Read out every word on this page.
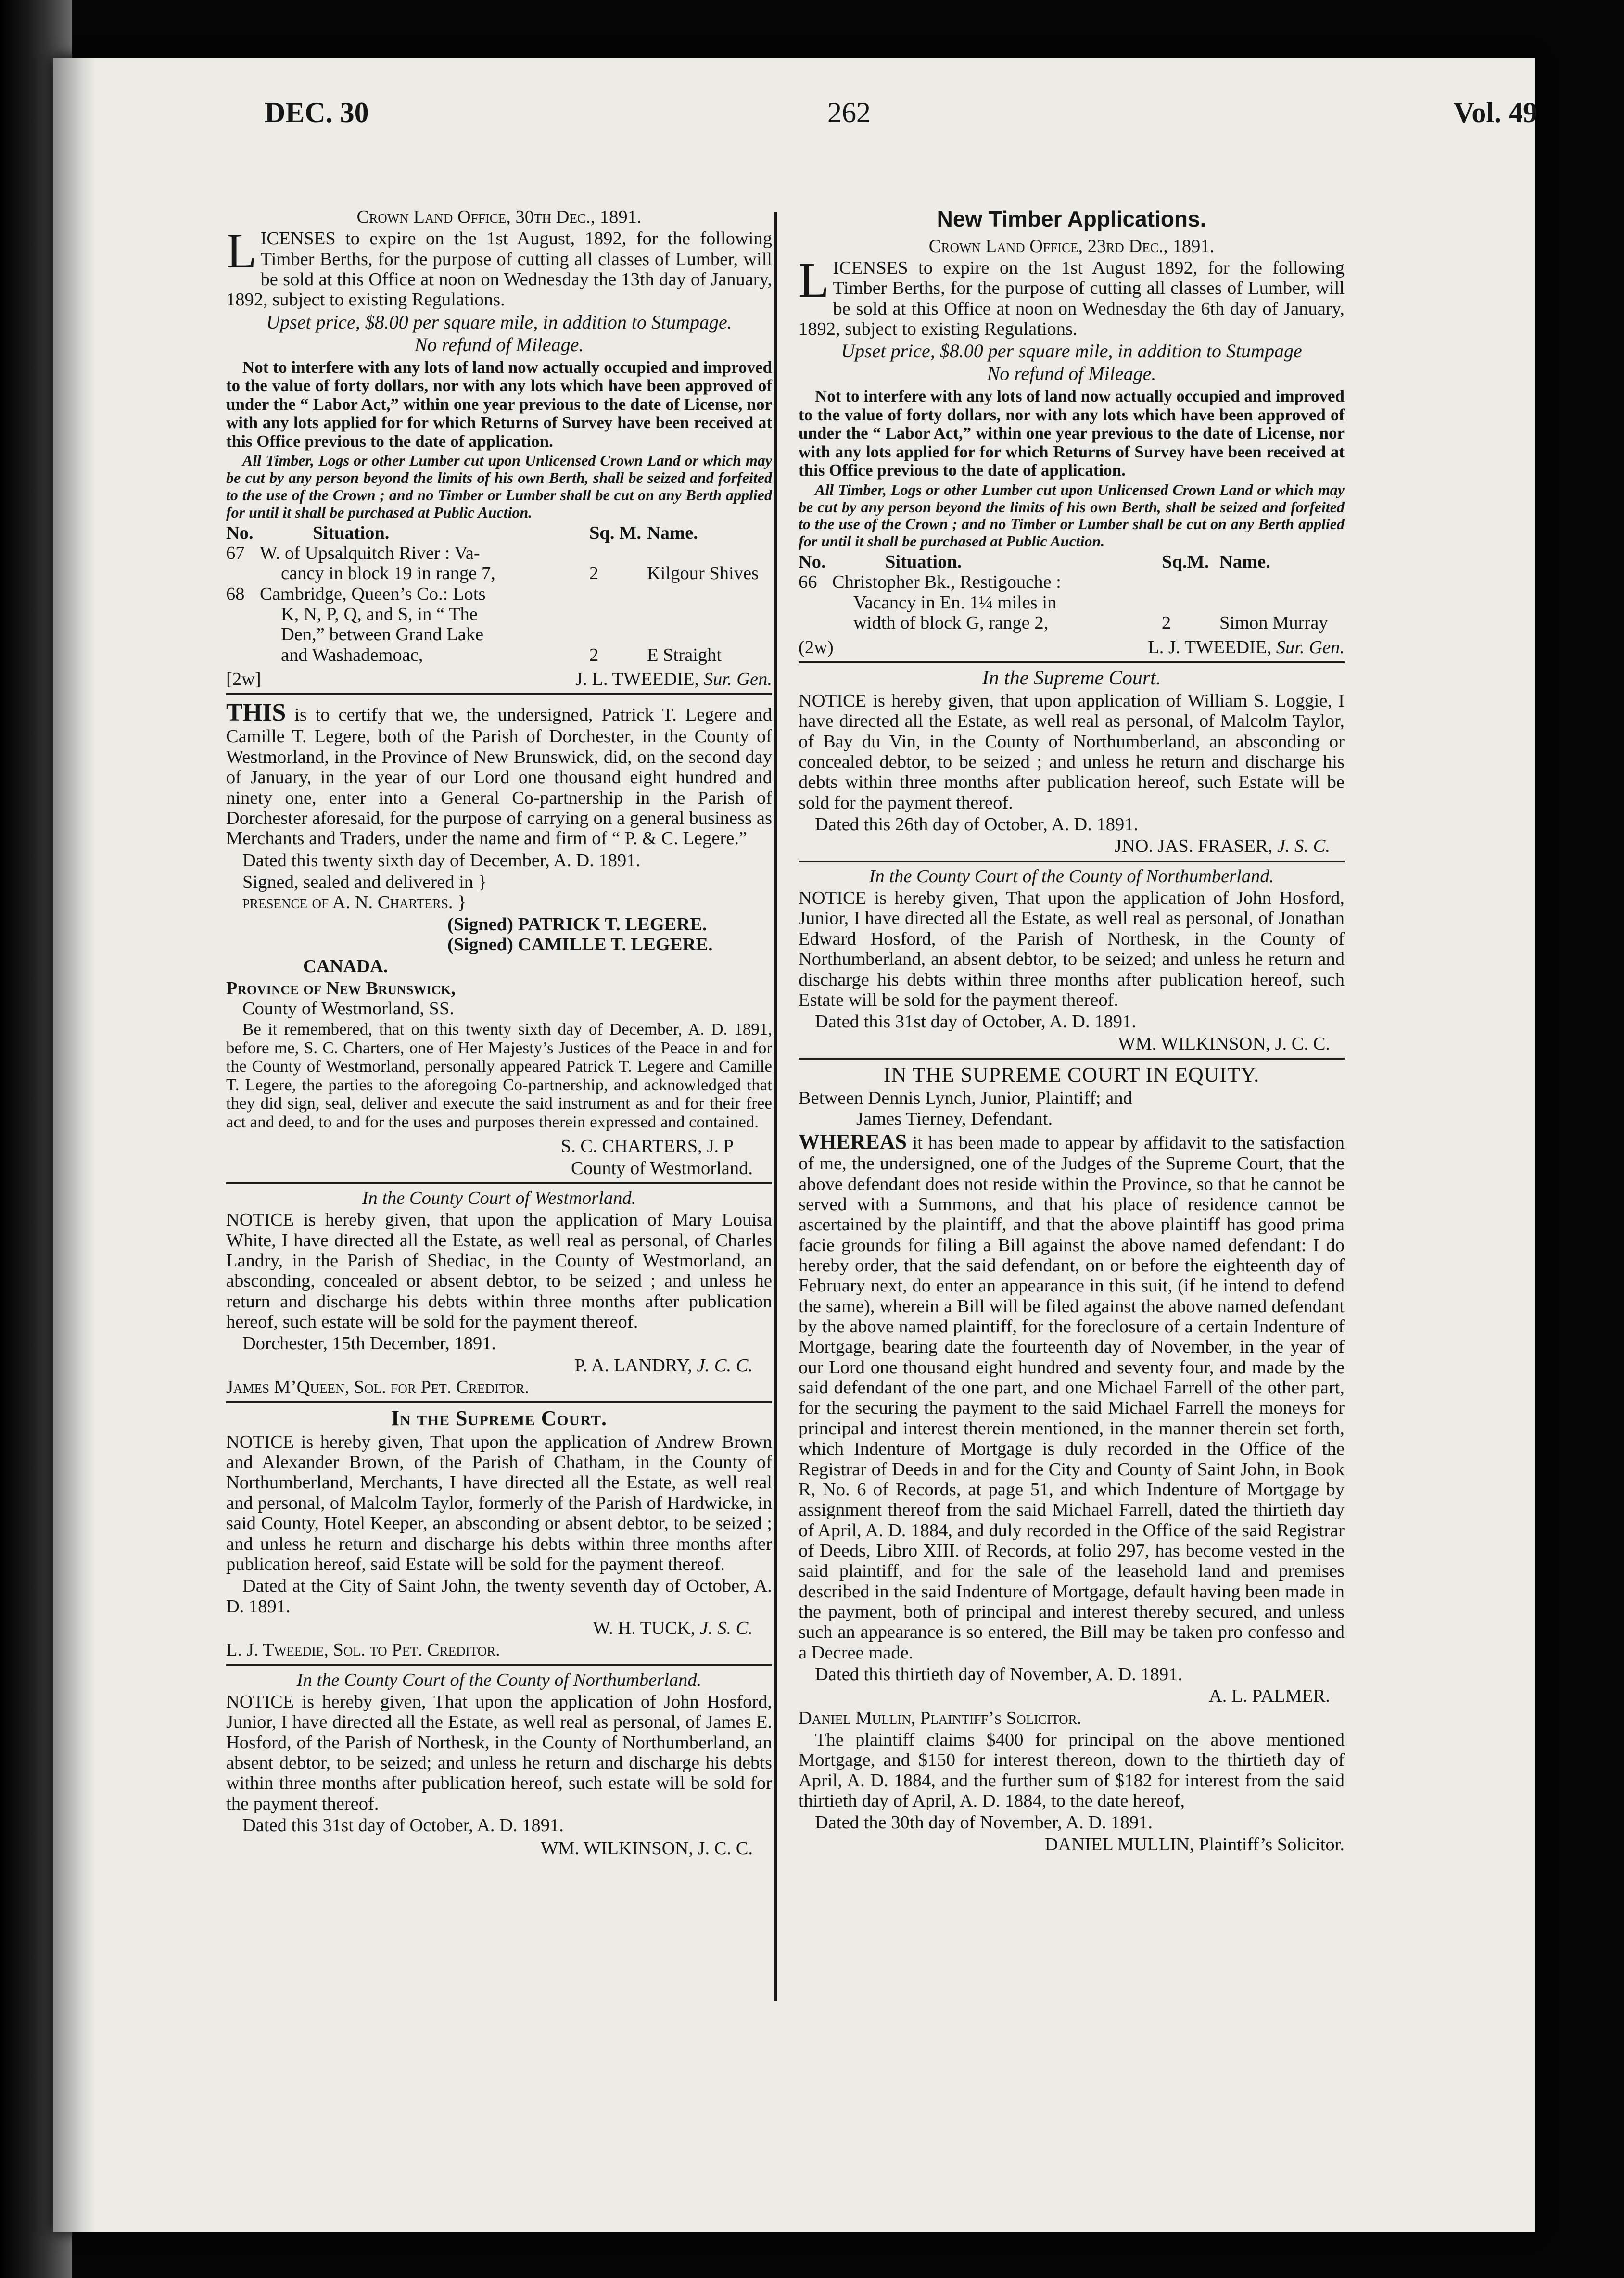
DEC. 30	262	Vol. 49

Crown Land Office, 30th Dec., 1891.

LICENSES to expire on the 1st August, 1892, for the following Timber Berths, for the purpose of cutting all classes of Lumber, will be sold at this Office at noon on Wednesday the 13th day of January, 1892, subject to existing Regulations.

Upset price, $8.00 per square mile, in addition to Stumpage.

No refund of Mileage.

Not to interfere with any lots of land now actually occupied and improved to the value of forty dollars, nor with any lots which have been approved of under the “ Labor Act,” within one year previous to the date of License, nor with any lots applied for for which Returns of Survey have been received at this Office previous to the date of application.

All Timber, Logs or other Lumber cut upon Unlicensed Crown Land or which may be cut by any person beyond the limits of his own Berth, shall be seized and forfeited to the use of the Crown ; and no Timber or Lumber shall be cut on any Berth applied for until it shall be purchased at Public Auction.

No.	Situation.	Sq. M.	Name.
67	W. of Upsalquitch River : Va-		
	cancy in block 19 in range 7,	2	Kilgour Shives
68	Cambridge, Queen’s Co.: Lots		
	K, N, P, Q, and S, in “ The		
	Den,” between Grand Lake		
	and Washademoac,	2	E Straight
[2w]	J. L. TWEEDIE, Sur. Gen.

THIS is to certify that we, the undersigned, Patrick T. Legere and Camille T. Legere, both of the Parish of Dorchester, in the County of Westmorland, in the Province of New Brunswick, did, on the second day of January, in the year of our Lord one thousand eight hundred and ninety one, enter into a General Co-partnership in the Parish of Dorchester aforesaid, for the purpose of carrying on a general business as Merchants and Traders, under the name and firm of “ P. & C. Legere.”

Dated this twenty sixth day of December, A. D. 1891.

Signed, sealed and delivered in }

presence of A. N. Charters. }

(Signed) PATRICK T. LEGERE.

(Signed) CAMILLE T. LEGERE.

CANADA.

Province of New Brunswick,

County of Westmorland, SS.

Be it remembered, that on this twenty sixth day of December, A. D. 1891, before me, S. C. Charters, one of Her Majesty’s Justices of the Peace in and for the County of Westmorland, personally appeared Patrick T. Legere and Camille T. Legere, the parties to the aforegoing Co-partnership, and acknowledged that they did sign, seal, deliver and execute the said instrument as and for their free act and deed, to and for the uses and purposes therein expressed and contained.

S. C. CHARTERS, J. P

County of Westmorland.

In the County Court of Westmorland.

NOTICE is hereby given, that upon the application of Mary Louisa White, I have directed all the Estate, as well real as personal, of Charles Landry, in the Parish of Shediac, in the County of Westmorland, an absconding, concealed or absent debtor, to be seized ; and unless he return and discharge his debts within three months after publication hereof, such estate will be sold for the payment thereof.

Dorchester, 15th December, 1891.

P. A. LANDRY, J. C. C.

James M’Queen, Sol. for Pet. Creditor.

In the Supreme Court.

NOTICE is hereby given, That upon the application of Andrew Brown and Alexander Brown, of the Parish of Chatham, in the County of Northumberland, Merchants, I have directed all the Estate, as well real and personal, of Malcolm Taylor, formerly of the Parish of Hardwicke, in said County, Hotel Keeper, an absconding or absent debtor, to be seized ; and unless he return and discharge his debts within three months after publication hereof, said Estate will be sold for the payment thereof.

Dated at the City of Saint John, the twenty seventh day of October, A. D. 1891.

W. H. TUCK, J. S. C.

L. J. Tweedie, Sol. to Pet. Creditor.

In the County Court of the County of Northumberland.

NOTICE is hereby given, That upon the application of John Hosford, Junior, I have directed all the Estate, as well real as personal, of James E. Hosford, of the Parish of Northesk, in the County of Northumberland, an absent debtor, to be seized; and unless he return and discharge his debts within three months after publication hereof, such estate will be sold for the payment thereof.

Dated this 31st day of October, A. D. 1891.

WM. WILKINSON, J. C. C.

New Timber Applications.

Crown Land Office, 23rd Dec., 1891.

LICENSES to expire on the 1st August 1892, for the following Timber Berths, for the purpose of cutting all classes of Lumber, will be sold at this Office at noon on Wednesday the 6th day of January, 1892, subject to existing Regulations.

Upset price, $8.00 per square mile, in addition to Stumpage

No refund of Mileage.

Not to interfere with any lots of land now actually occupied and improved to the value of forty dollars, nor with any lots which have been approved of under the “ Labor Act,” within one year previous to the date of License, nor with any lots applied for for which Returns of Survey have been received at this Office previous to the date of application.

All Timber, Logs or other Lumber cut upon Unlicensed Crown Land or which may be cut by any person beyond the limits of his own Berth, shall be seized and forfeited to the use of the Crown ; and no Timber or Lumber shall be cut on any Berth applied for until it shall be purchased at Public Auction.

No.	Situation.	Sq.M.	Name.
66	Christopher Bk., Restigouche :		
	Vacancy in En. 1¼ miles in		
	width of block G, range 2,	2	Simon Murray
(2w)	L. J. TWEEDIE, Sur. Gen.

In the Supreme Court.

NOTICE is hereby given, that upon application of William S. Loggie, I have directed all the Estate, as well real as personal, of Malcolm Taylor, of Bay du Vin, in the County of Northumberland, an absconding or concealed debtor, to be seized ; and unless he return and discharge his debts within three months after publication hereof, such Estate will be sold for the payment thereof.

Dated this 26th day of October, A. D. 1891.

JNO. JAS. FRASER, J. S. C.

In the County Court of the County of Northumberland.

NOTICE is hereby given, That upon the application of John Hosford, Junior, I have directed all the Estate, as well real as personal, of Jonathan Edward Hosford, of the Parish of Northesk, in the County of Northumberland, an absent debtor, to be seized; and unless he return and discharge his debts within three months after publication hereof, such Estate will be sold for the payment thereof.

Dated this 31st day of October, A. D. 1891.

WM. WILKINSON, J. C. C.

IN THE SUPREME COURT IN EQUITY.

Between Dennis Lynch, Junior, Plaintiff; and

James Tierney, Defendant.

WHEREAS it has been made to appear by affidavit to the satisfaction of me, the undersigned, one of the Judges of the Supreme Court, that the above defendant does not reside within the Province, so that he cannot be served with a Summons, and that his place of residence cannot be ascertained by the plaintiff, and that the above plaintiff has good prima facie grounds for filing a Bill against the above named defendant: I do hereby order, that the said defendant, on or before the eighteenth day of February next, do enter an appearance in this suit, (if he intend to defend the same), wherein a Bill will be filed against the above named defendant by the above named plaintiff, for the foreclosure of a certain Indenture of Mortgage, bearing date the fourteenth day of November, in the year of our Lord one thousand eight hundred and seventy four, and made by the said defendant of the one part, and one Michael Farrell of the other part, for the securing the payment to the said Michael Farrell the moneys for principal and interest therein mentioned, in the manner therein set forth, which Indenture of Mortgage is duly recorded in the Office of the Registrar of Deeds in and for the City and County of Saint John, in Book R, No. 6 of Records, at page 51, and which Indenture of Mortgage by assignment thereof from the said Michael Farrell, dated the thirtieth day of April, A. D. 1884, and duly recorded in the Office of the said Registrar of Deeds, Libro XIII. of Records, at folio 297, has become vested in the said plaintiff, and for the sale of the leasehold land and premises described in the said Indenture of Mortgage, default having been made in the payment, both of principal and interest thereby secured, and unless such an appearance is so entered, the Bill may be taken pro confesso and a Decree made.

Dated this thirtieth day of November, A. D. 1891.

A. L. PALMER.

Daniel Mullin, Plaintiff’s Solicitor.

The plaintiff claims $400 for principal on the above mentioned Mortgage, and $150 for interest thereon, down to the thirtieth day of April, A. D. 1884, and the further sum of $182 for interest from the said thirtieth day of April, A. D. 1884, to the date hereof,

Dated the 30th day of November, A. D. 1891.

DANIEL MULLIN, Plaintiff’s Solicitor.
